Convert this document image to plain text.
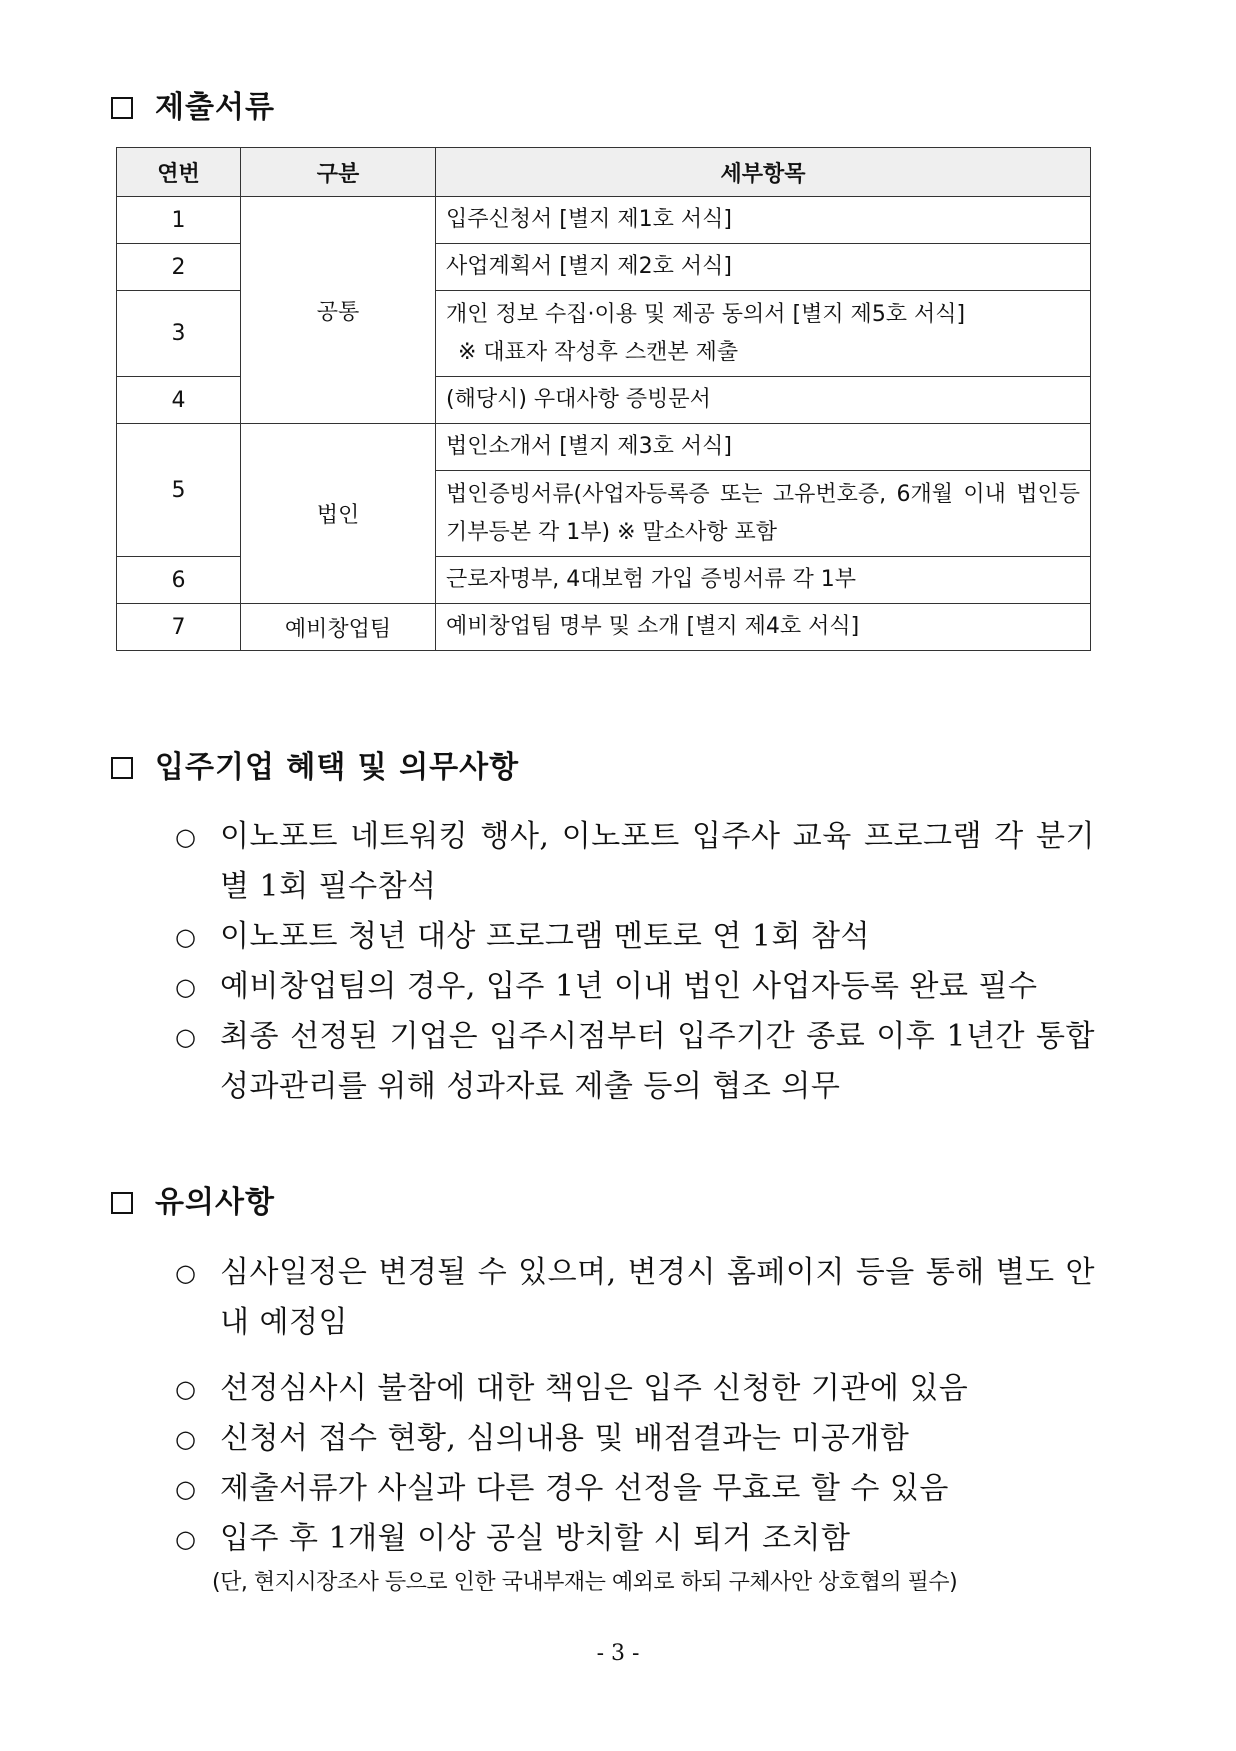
제출서류
연번	구분	세부항목
1	공통	입주신청서 [별지 제1호 서식]
2		사업계획서 [별지 제2호 서식]
3		개인 정보 수집·이용 및 제공 동의서 [별지 제5호 서식]
※ 대표자 작성후 스캔본 제출

4		(해당시) 우대사항 증빙문서
5	법인	법인소개서 [별지 제3호 서식]
		법인증빙서류(사업자등록증 또는 고유번호증, 6개월 이내 법인등기부등본 각 1부) ※ 말소사항 포함
6		근로자명부, 4대보험 가입 증빙서류 각 1부
7	예비창업팀	예비창업팀 명부 및 소개 [별지 제4호 서식]
입주기업 혜택 및 의무사항
○ 이노포트 네트워킹 행사, 이노포트 입주사 교육 프로그램 각 분기별 1회 필수참석
○ 이노포트 청년 대상 프로그램 멘토로 연 1회 참석
○ 예비창업팀의 경우, 입주 1년 이내 법인 사업자등록 완료 필수
○ 최종 선정된 기업은 입주시점부터 입주기간 종료 이후 1년간 통합성과관리를 위해 성과자료 제출 등의 협조 의무
유의사항
○ 심사일정은 변경될 수 있으며, 변경시 홈페이지 등을 통해 별도 안내 예정임
○ 선정심사시 불참에 대한 책임은 입주 신청한 기관에 있음
○ 신청서 접수 현황, 심의내용 및 배점결과는 미공개함
○ 제출서류가 사실과 다른 경우 선정을 무효로 할 수 있음
○ 입주 후 1개월 이상 공실 방치할 시 퇴거 조치함
(단, 현지시장조사 등으로 인한 국내부재는 예외로 하되 구체사안 상호협의 필수)
- 3 -
